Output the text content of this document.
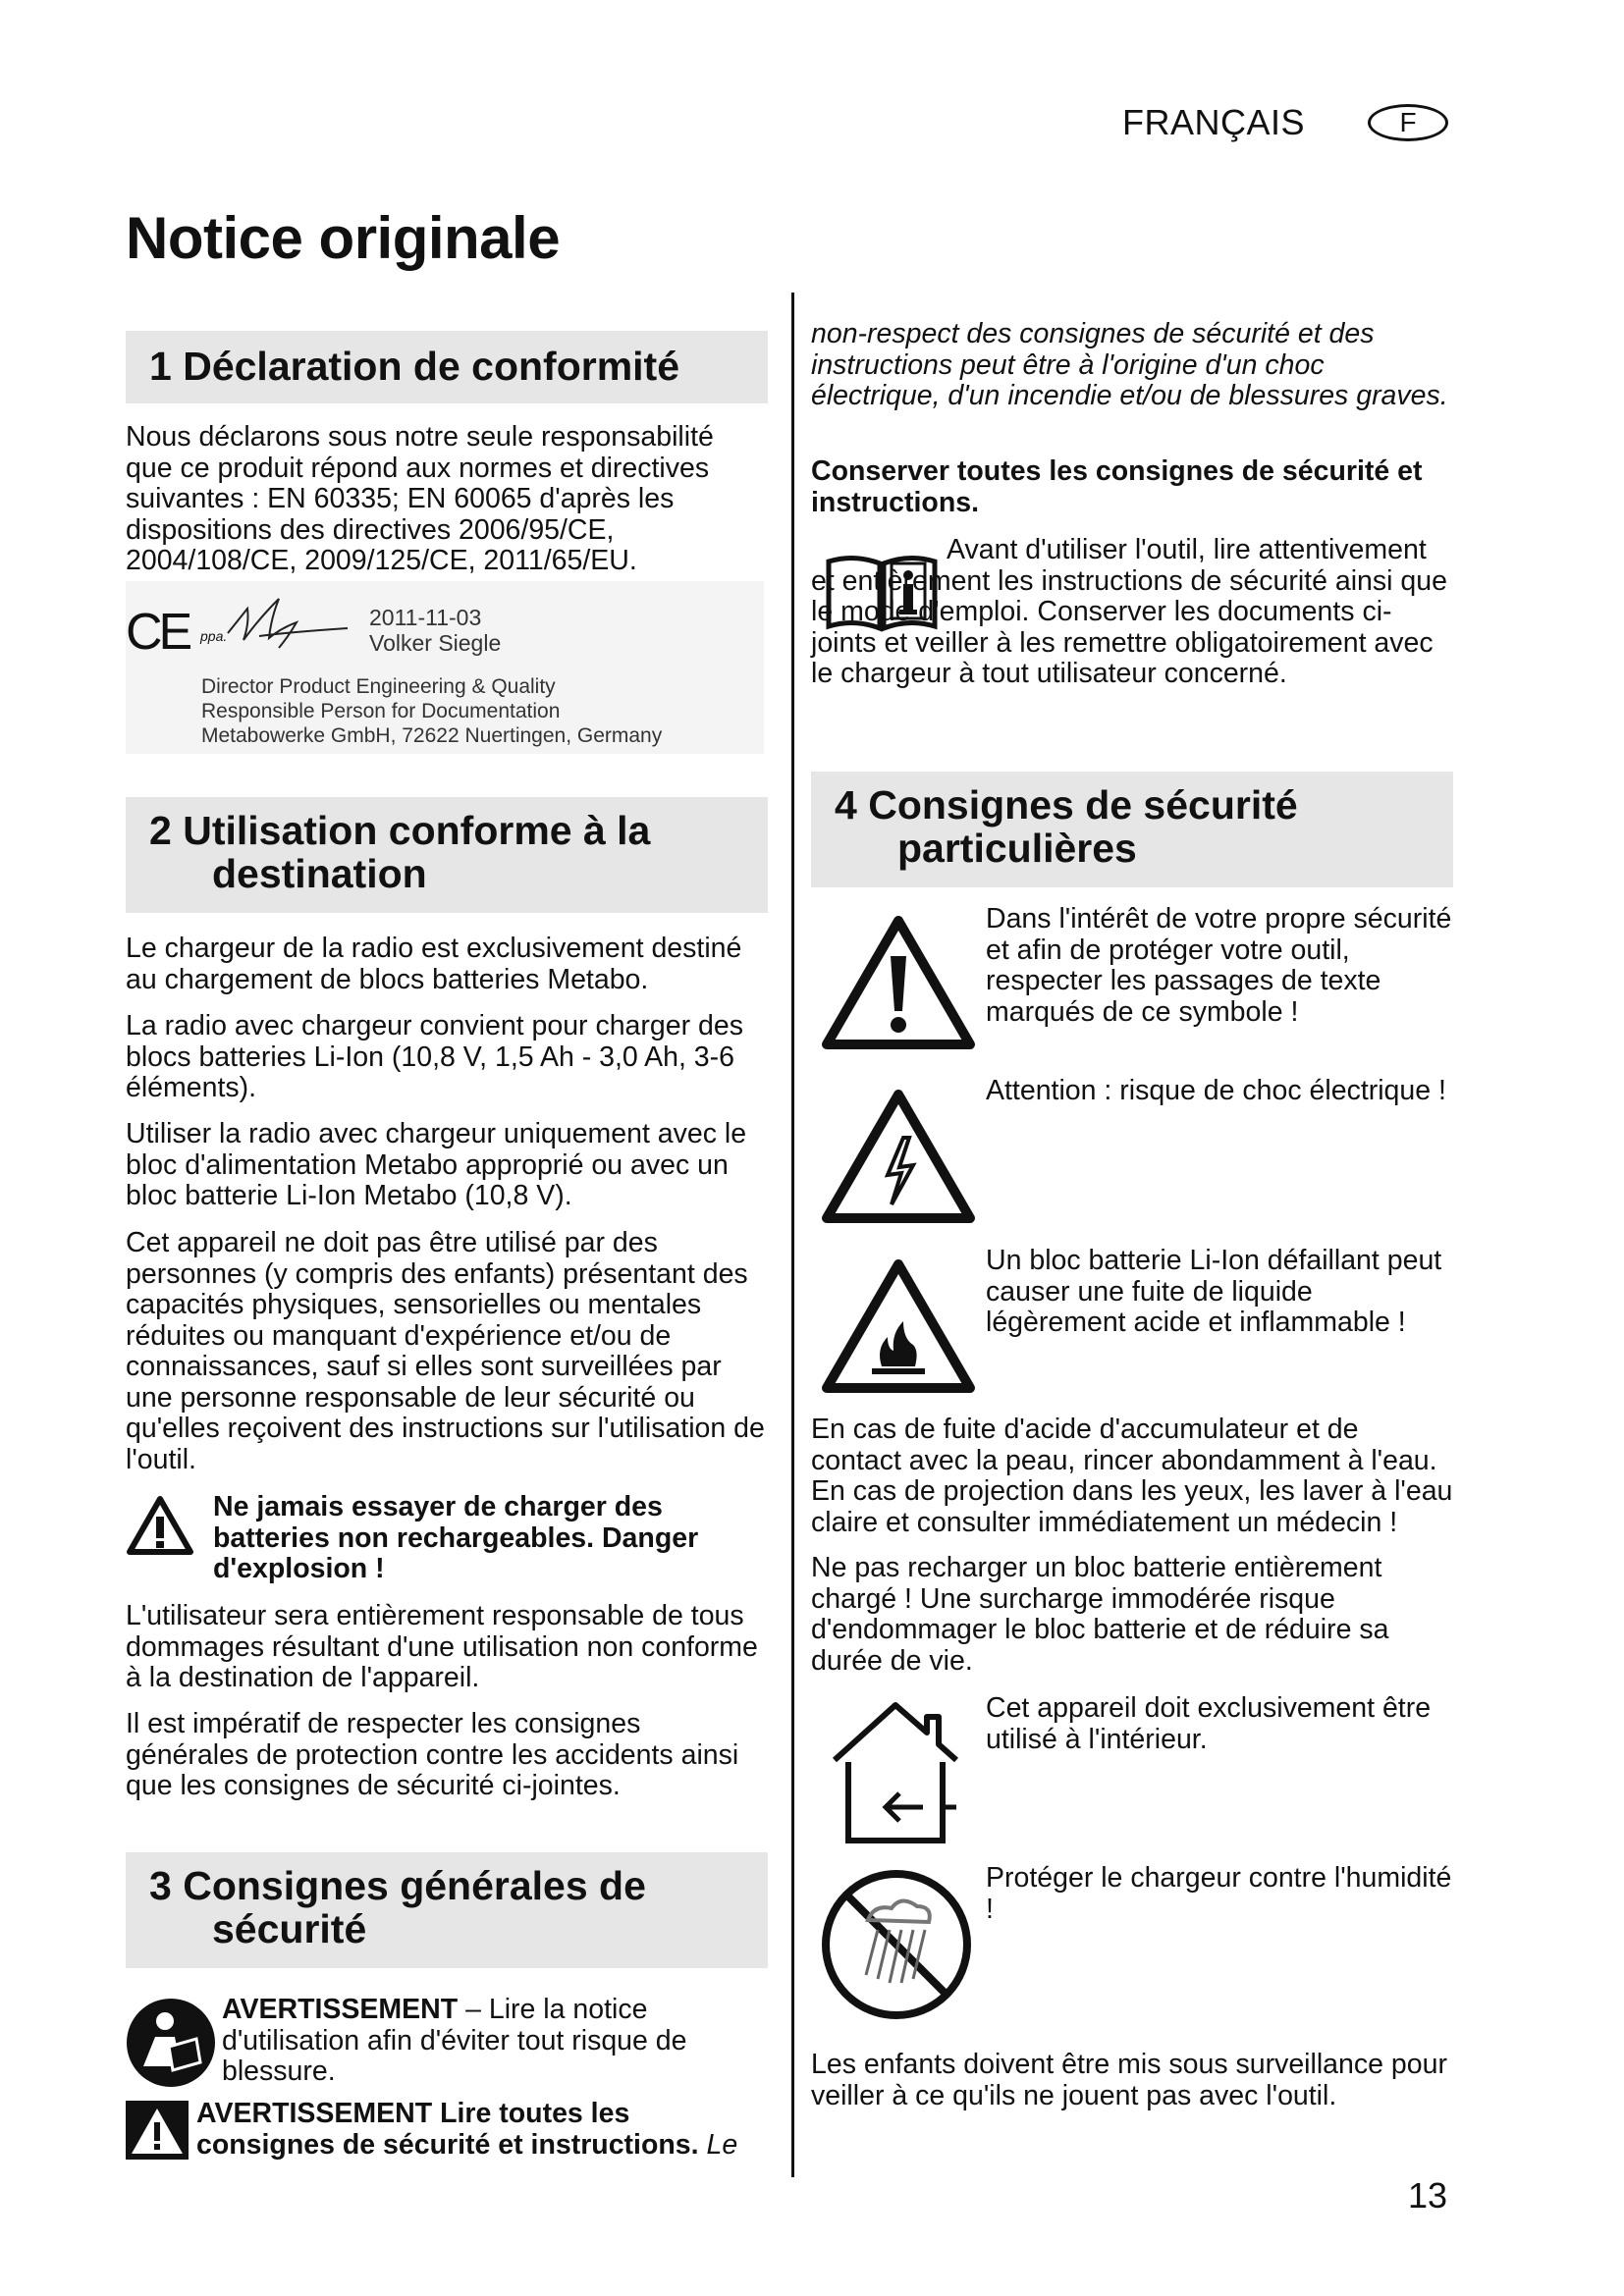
FRANÇAIS	F
Notice originale
1 Déclaration de conformité

Nous déclarons sous notre seule responsabilité que ce produit répond aux normes et directives suivantes : EN 60335; EN 60065 d'après les dispositions des directives 2006/95/CE, 2004/108/CE, 2009/125/CE, 2011/65/EU.

CE ppa.
2011-11-03
Volker Siegle
Director Product Engineering & Quality
Responsible Person for Documentation
Metabowerke GmbH, 72622 Nuertingen, Germany
2 Utilisation conforme à la
destination

Le chargeur de la radio est exclusivement destiné au chargement de blocs batteries Metabo.

La radio avec chargeur convient pour charger des blocs batteries Li-Ion (10,8 V, 1,5 Ah - 3,0 Ah, 3-6 éléments).

Utiliser la radio avec chargeur uniquement avec le bloc d'alimentation Metabo approprié ou avec un bloc batterie Li-Ion Metabo (10,8 V).

Cet appareil ne doit pas être utilisé par des personnes (y compris des enfants) présentant des capacités physiques, sensorielles ou mentales réduites ou manquant d'expérience et/ou de connaissances, sauf si elles sont surveillées par une personne responsable de leur sécurité ou qu'elles reçoivent des instructions sur l'utilisation de l'outil.

Ne jamais essayer de charger des batteries non rechargeables. Danger d'explosion !

L'utilisateur sera entièrement responsable de tous dommages résultant d'une utilisation non conforme à la destination de l'appareil.

Il est impératif de respecter les consignes générales de protection contre les accidents ainsi que les consignes de sécurité ci-jointes.

3 Consignes générales de
sécurité

AVERTISSEMENT – Lire la notice d'utilisation afin d'éviter tout risque de blessure.

AVERTISSEMENT Lire toutes les consignes de sécurité et instructions. Le

non-respect des consignes de sécurité et des instructions peut être à l'origine d'un choc électrique, d'un incendie et/ou de blessures graves.

Conserver toutes les consignes de sécurité et instructions.

Avant d'utiliser l'outil, lire attentivement et entièrement les instructions de sécurité ainsi que le mode d'emploi. Conserver les documents ci-joints et veiller à les remettre obligatoirement avec le chargeur à tout utilisateur concerné.

4 Consignes de sécurité
particulières

Dans l'intérêt de votre propre sécurité et afin de protéger votre outil, respecter les passages de texte marqués de ce symbole !

Attention : risque de choc électrique !

Un bloc batterie Li-Ion défaillant peut causer une fuite de liquide légèrement acide et inflammable !

En cas de fuite d'acide d'accumulateur et de contact avec la peau, rincer abondamment à l'eau. En cas de projection dans les yeux, les laver à l'eau claire et consulter immédiatement un médecin !

Ne pas recharger un bloc batterie entièrement chargé ! Une surcharge immodérée risque d'endommager le bloc batterie et de réduire sa durée de vie.

Cet appareil doit exclusivement être utilisé à l'intérieur.

Protéger le chargeur contre l'humidité !

Les enfants doivent être mis sous surveillance pour veiller à ce qu'ils ne jouent pas avec l'outil.

13
